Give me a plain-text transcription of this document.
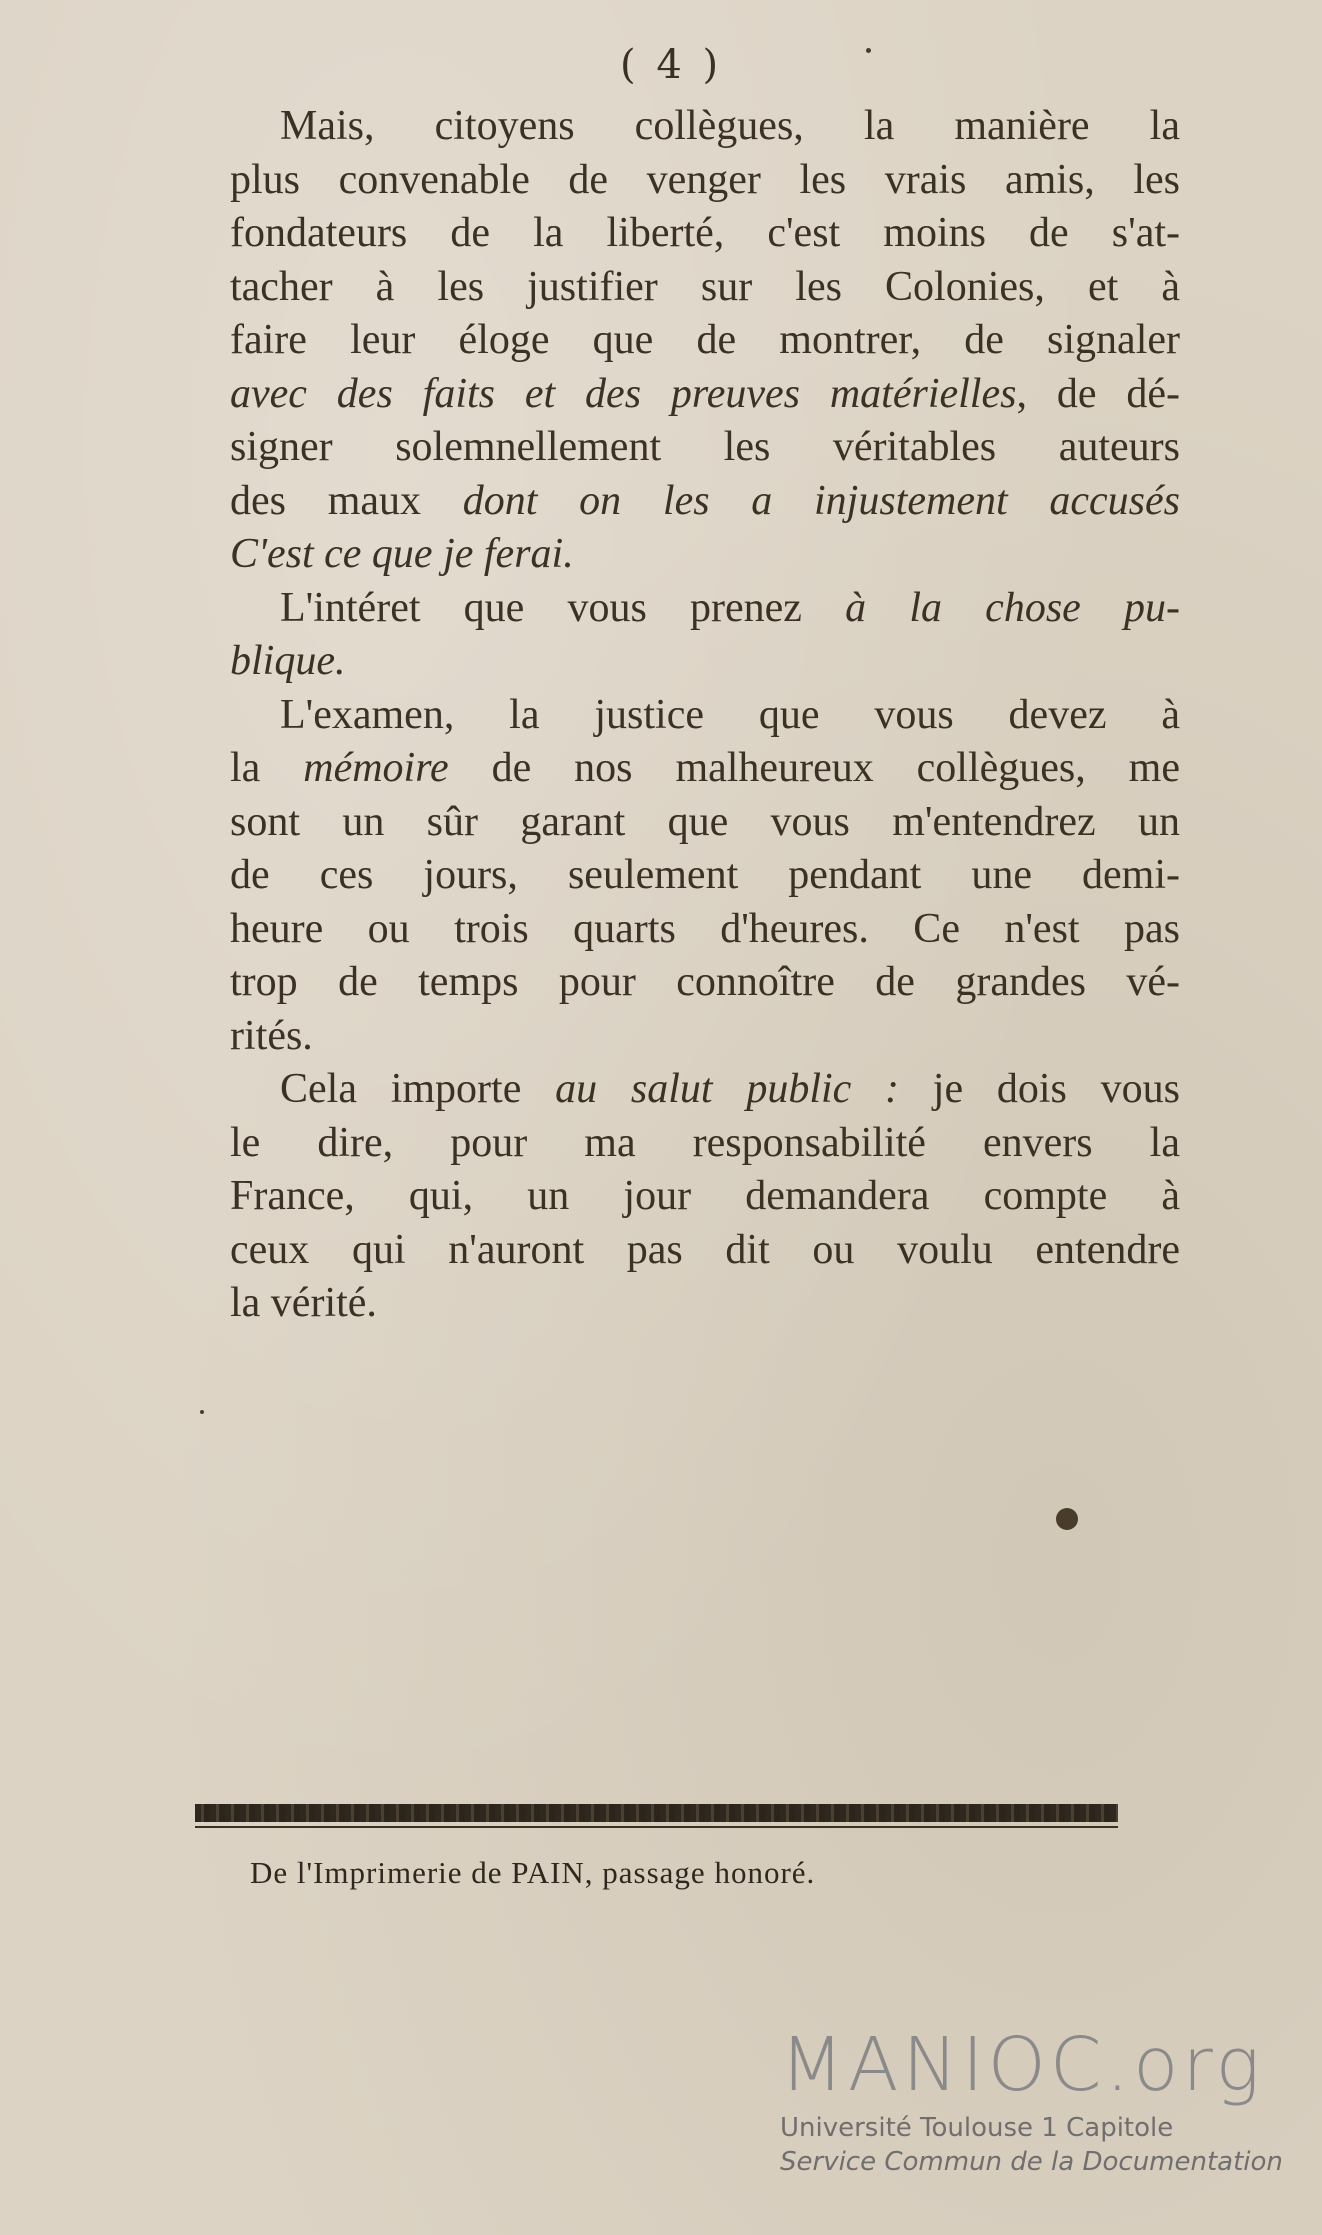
( 4 )

Mais, citoyens collègues, la manière la
plus convenable de venger les vrais amis, les
fondateurs de la liberté, c'est moins de s'at-
tacher à les justifier sur les Colonies, et à
faire leur éloge que de montrer, de signaler
avec des faits et des preuves matérielles, de dé-
signer solemnellement les véritables auteurs
des maux dont on les a injustement accusés
C'est ce que je ferai.

L'intéret que vous prenez à la chose pu-
blique.

L'examen, la justice que vous devez à
la mémoire de nos malheureux collègues, me
sont un sûr garant que vous m'entendrez un
de ces jours, seulement pendant une demi-
heure ou trois quarts d'heures. Ce n'est pas
trop de temps pour connoître de grandes vé-
rités.

Cela importe au salut public : je dois vous
le dire, pour ma responsabilité envers la
France, qui, un jour demandera compte à
ceux qui n'auront pas dit ou voulu entendre
la vérité.

De l'Imprimerie de PAIN, passage honoré.
MANIOC.org
Université Toulouse 1 Capitole
Service Commun de la Documentation
